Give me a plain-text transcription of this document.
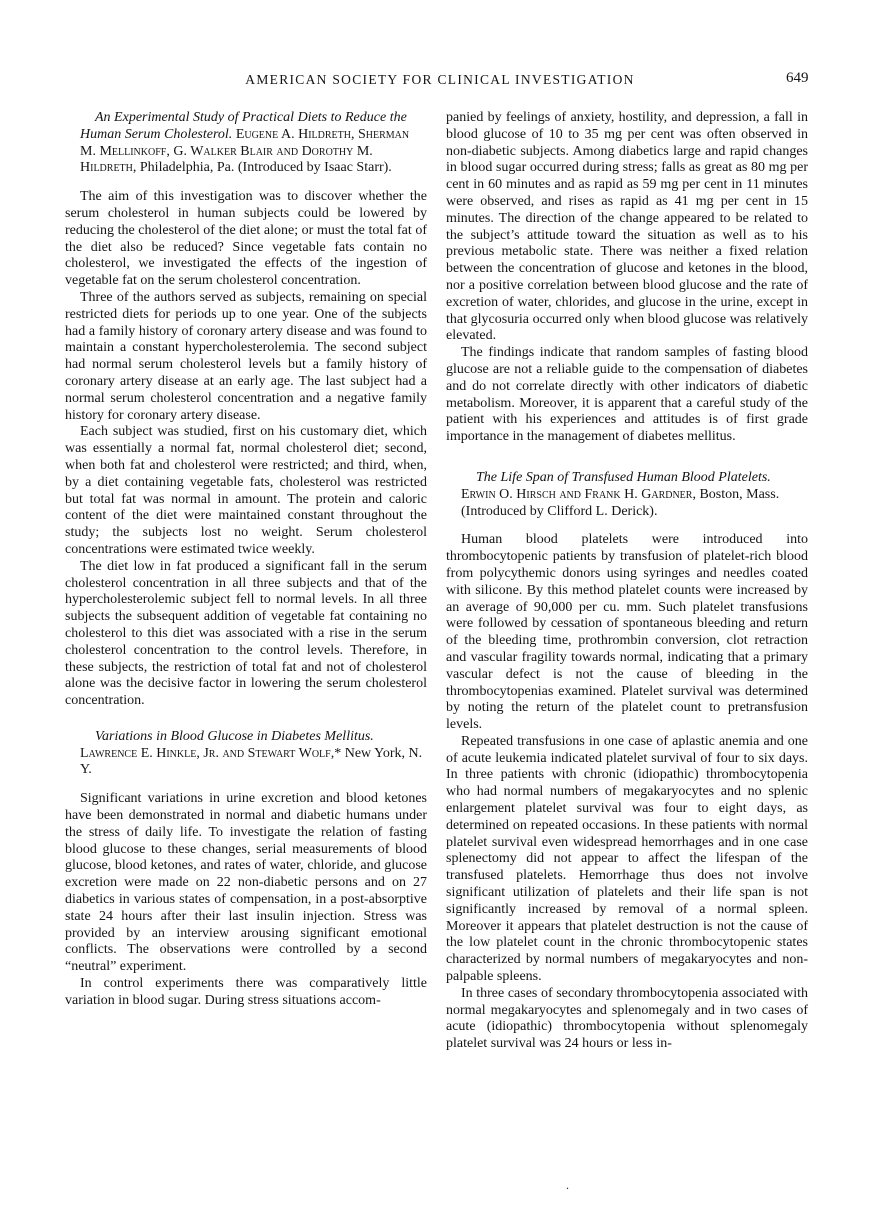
AMERICAN SOCIETY FOR CLINICAL INVESTIGATION	649

An Experimental Study of Practical Diets to Reduce the Human Serum Cholesterol. Eugene A. Hildreth, Sherman M. Mellinkoff, G. Walker Blair and Dorothy M. Hildreth, Philadelphia, Pa. (Introduced by Isaac Starr).

The aim of this investigation was to discover whether the serum cholesterol in human subjects could be lowered by reducing the cholesterol of the diet alone; or must the total fat of the diet also be reduced? Since vegetable fats contain no cholesterol, we investigated the effects of the ingestion of vegetable fat on the serum cholesterol concentration.

Three of the authors served as subjects, remaining on special restricted diets for periods up to one year. One of the subjects had a family history of coronary artery disease and was found to maintain a constant hypercholesterolemia. The second subject had normal serum cholesterol levels but a family history of coronary artery disease at an early age. The last subject had a normal serum cholesterol concentration and a negative family history for coronary artery disease.

Each subject was studied, first on his customary diet, which was essentially a normal fat, normal cholesterol diet; second, when both fat and cholesterol were restricted; and third, when, by a diet containing vegetable fats, cholesterol was restricted but total fat was normal in amount. The protein and caloric content of the diet were maintained constant throughout the study; the subjects lost no weight. Serum cholesterol concentrations were estimated twice weekly.

The diet low in fat produced a significant fall in the serum cholesterol concentration in all three subjects and that of the hypercholesterolemic subject fell to normal levels. In all three subjects the subsequent addition of vegetable fat containing no cholesterol to this diet was associated with a rise in the serum cholesterol concentration to the control levels. Therefore, in these subjects, the restriction of total fat and not of cholesterol alone was the decisive factor in lowering the serum cholesterol concentration.

Variations in Blood Glucose in Diabetes Mellitus. Lawrence E. Hinkle, Jr. and Stewart Wolf,* New York, N. Y.

Significant variations in urine excretion and blood ketones have been demonstrated in normal and diabetic humans under the stress of daily life. To investigate the relation of fasting blood glucose to these changes, serial measurements of blood glucose, blood ketones, and rates of water, chloride, and glucose excretion were made on 22 non-diabetic persons and on 27 diabetics in various states of compensation, in a post-absorptive state 24 hours after their last insulin injection. Stress was provided by an interview arousing significant emotional conflicts. The observations were controlled by a second “neutral” experiment.

In control experiments there was comparatively little variation in blood sugar. During stress situations accom-

panied by feelings of anxiety, hostility, and depression, a fall in blood glucose of 10 to 35 mg per cent was often observed in non-diabetic subjects. Among diabetics large and rapid changes in blood sugar occurred during stress; falls as great as 80 mg per cent in 60 minutes and as rapid as 59 mg per cent in 11 minutes were observed, and rises as rapid as 41 mg per cent in 15 minutes. The direction of the change appeared to be related to the subject’s attitude toward the situation as well as to his previous metabolic state. There was neither a fixed relation between the concentration of glucose and ketones in the blood, nor a positive correlation between blood glucose and the rate of excretion of water, chlorides, and glucose in the urine, except in that glycosuria occurred only when blood glucose was relatively elevated.

The findings indicate that random samples of fasting blood glucose are not a reliable guide to the compensation of diabetes and do not correlate directly with other indicators of diabetic metabolism. Moreover, it is apparent that a careful study of the patient with his experiences and attitudes is of first grade importance in the management of diabetes mellitus.

The Life Span of Transfused Human Blood Platelets. Erwin O. Hirsch and Frank H. Gardner, Boston, Mass. (Introduced by Clifford L. Derick).

Human blood platelets were introduced into thrombocytopenic patients by transfusion of platelet-rich blood from polycythemic donors using syringes and needles coated with silicone. By this method platelet counts were increased by an average of 90,000 per cu. mm. Such platelet transfusions were followed by cessation of spontaneous bleeding and return of the bleeding time, prothrombin conversion, clot retraction and vascular fragility towards normal, indicating that a primary vascular defect is not the cause of bleeding in the thrombocytopenias examined. Platelet survival was determined by noting the return of the platelet count to pretransfusion levels.

Repeated transfusions in one case of aplastic anemia and one of acute leukemia indicated platelet survival of four to six days. In three patients with chronic (idiopathic) thrombocytopenia who had normal numbers of megakaryocytes and no splenic enlargement platelet survival was four to eight days, as determined on repeated occasions. In these patients with normal platelet survival even widespread hemorrhages and in one case splenectomy did not appear to affect the lifespan of the transfused platelets. Hemorrhage thus does not involve significant utilization of platelets and their life span is not significantly increased by removal of a normal spleen. Moreover it appears that platelet destruction is not the cause of the low platelet count in the chronic thrombocytopenic states characterized by normal numbers of megakaryocytes and non-palpable spleens.

In three cases of secondary thrombocytopenia associated with normal megakaryocytes and splenomegaly and in two cases of acute (idiopathic) thrombocytopenia without splenomegaly platelet survival was 24 hours or less in-

.
